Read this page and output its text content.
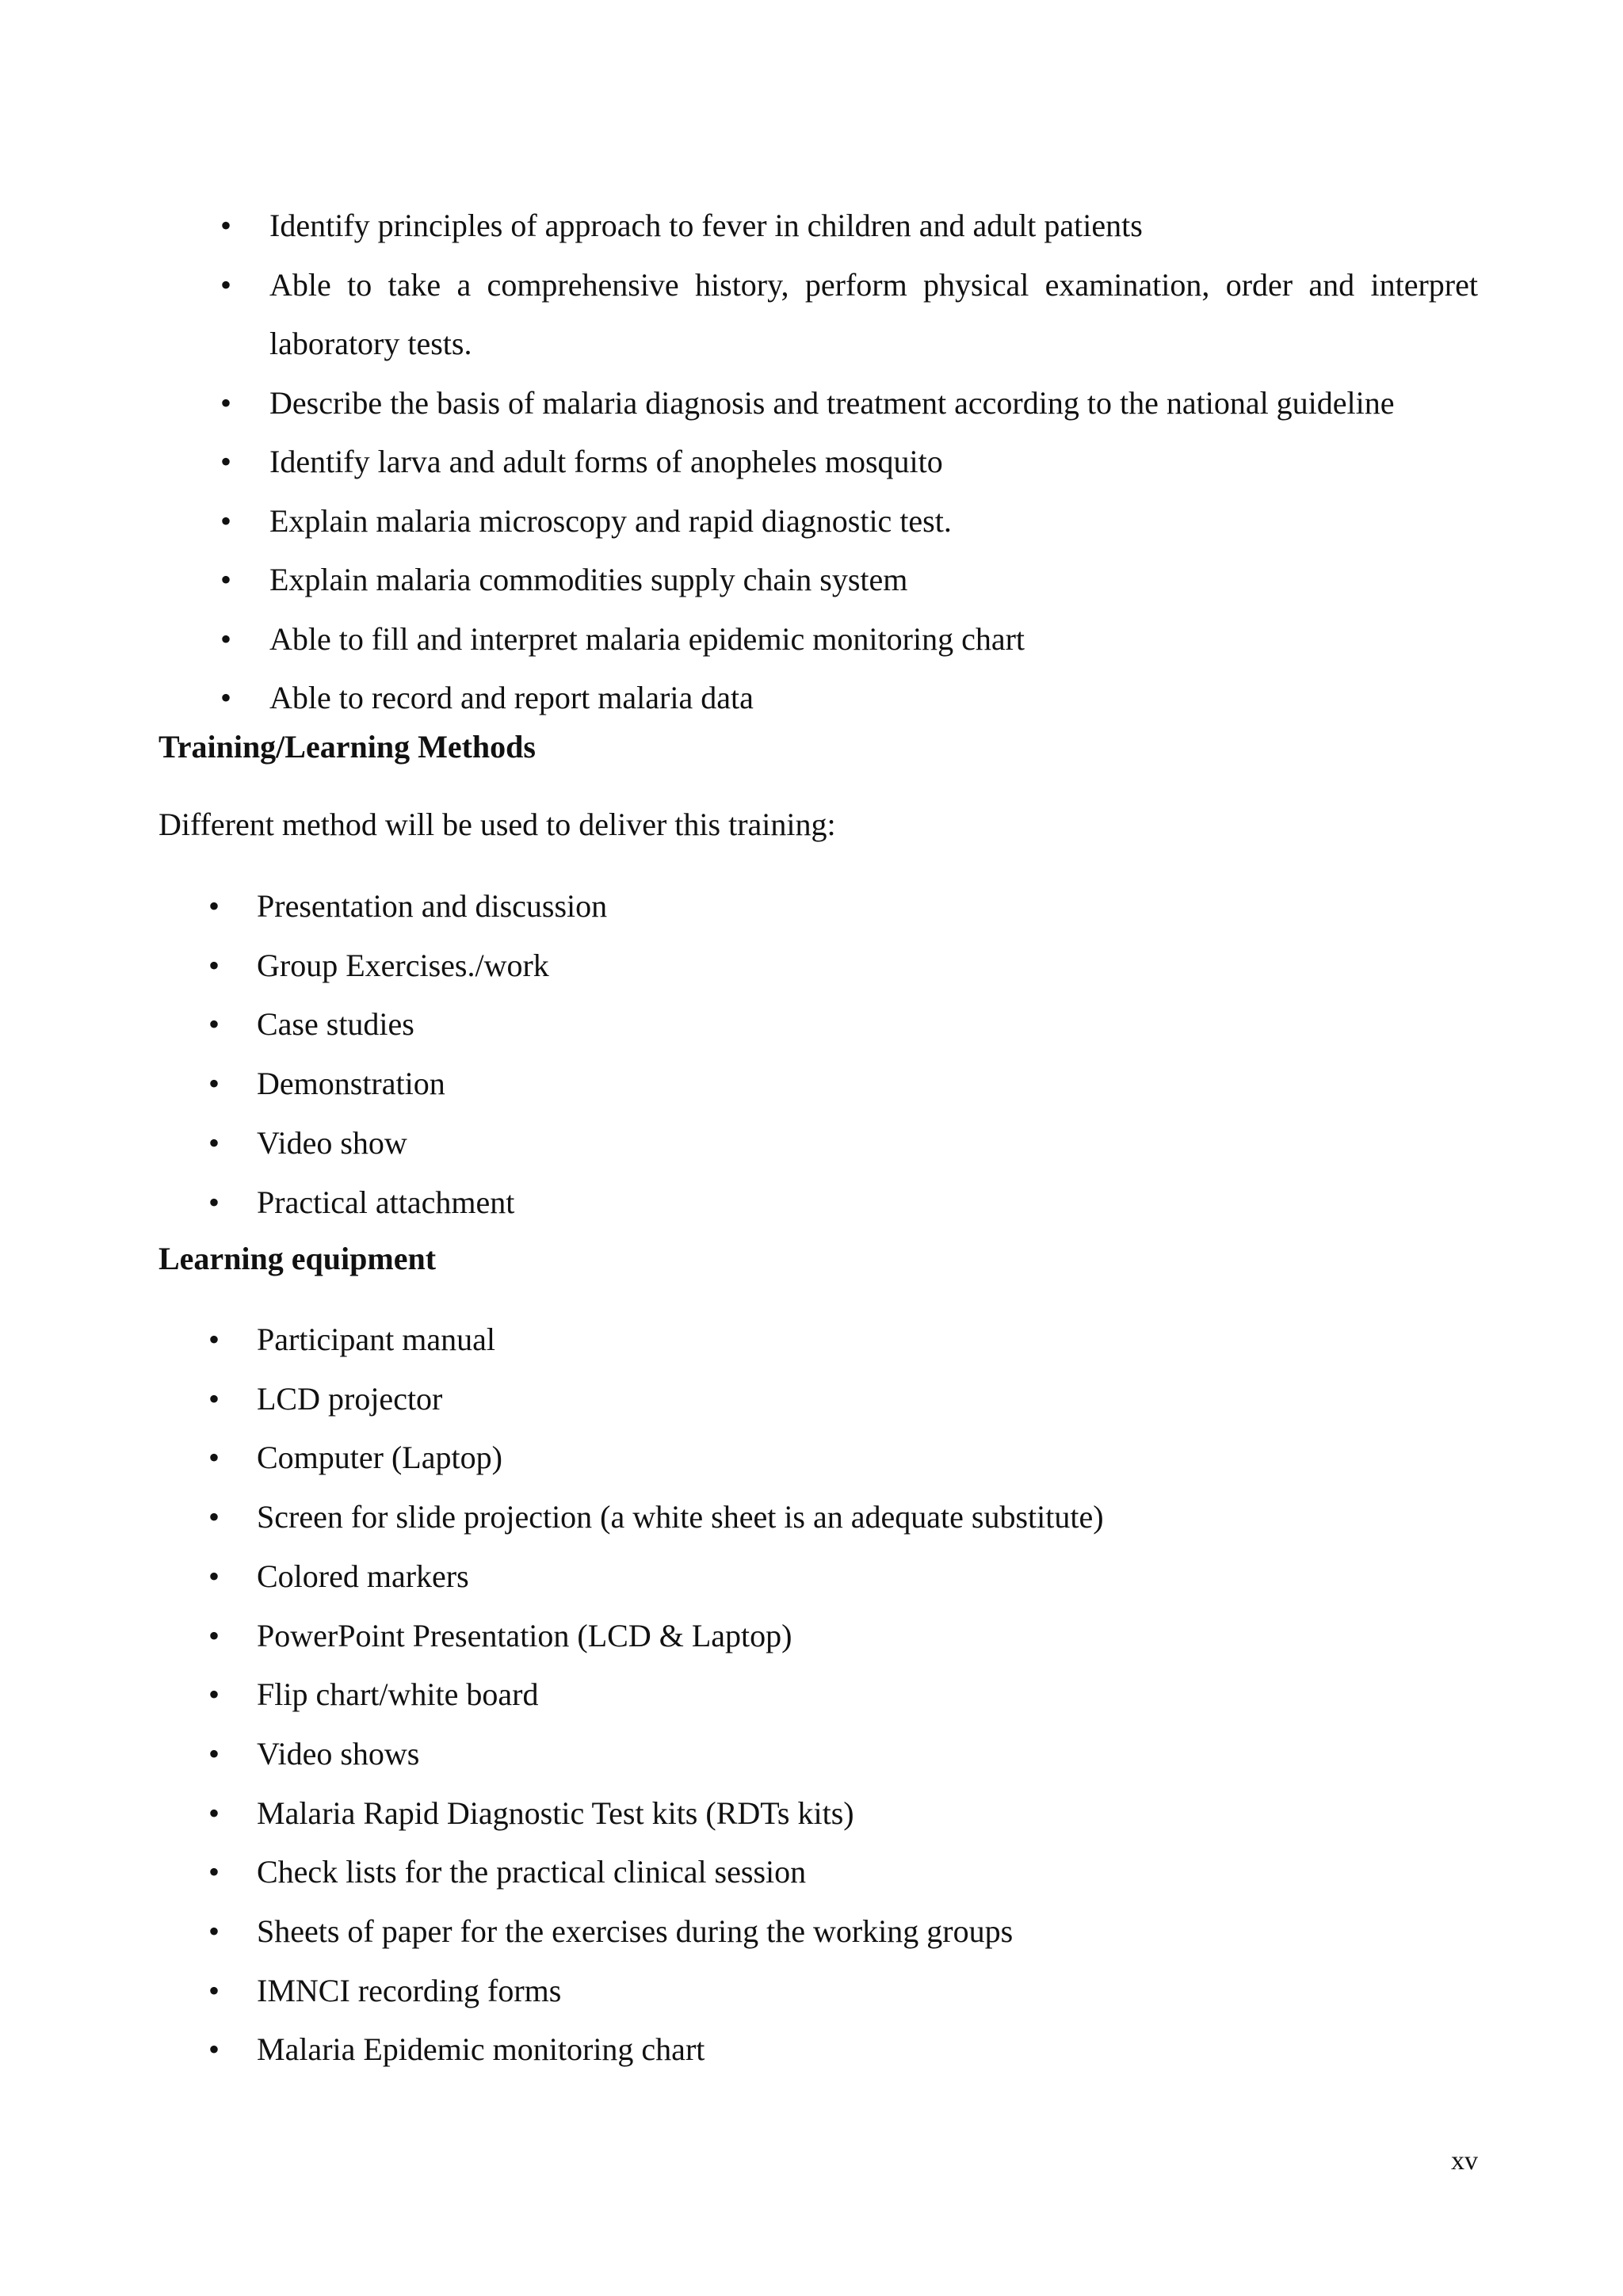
•	Identify principles of approach to fever in children and adult patients
•	Able to take a comprehensive history, perform physical examination, order and interpret laboratory tests.
•	Describe the basis of malaria diagnosis and treatment according to the national guideline
•	Identify larva and adult forms of anopheles mosquito
•	Explain malaria microscopy and rapid diagnostic test.
•	Explain malaria commodities supply chain system
•	Able to fill and interpret malaria epidemic monitoring chart
•	Able to record and report malaria data
Training/Learning Methods
Different method will be used to deliver this training:
•	Presentation and discussion
•	Group Exercises./work
•	Case studies
•	Demonstration
•	Video show
•	Practical attachment
Learning equipment
•	Participant manual
•	LCD projector
•	Computer (Laptop)
•	Screen for slide projection (a white sheet is an adequate substitute)
•	Colored markers
•	PowerPoint Presentation (LCD & Laptop)
•	Flip chart/white board
•	Video shows
•	Malaria Rapid Diagnostic Test kits (RDTs kits)
•	Check lists for the practical clinical session
•	Sheets of paper for the exercises during the working groups
•	IMNCI recording forms
•	Malaria Epidemic monitoring chart
xv
